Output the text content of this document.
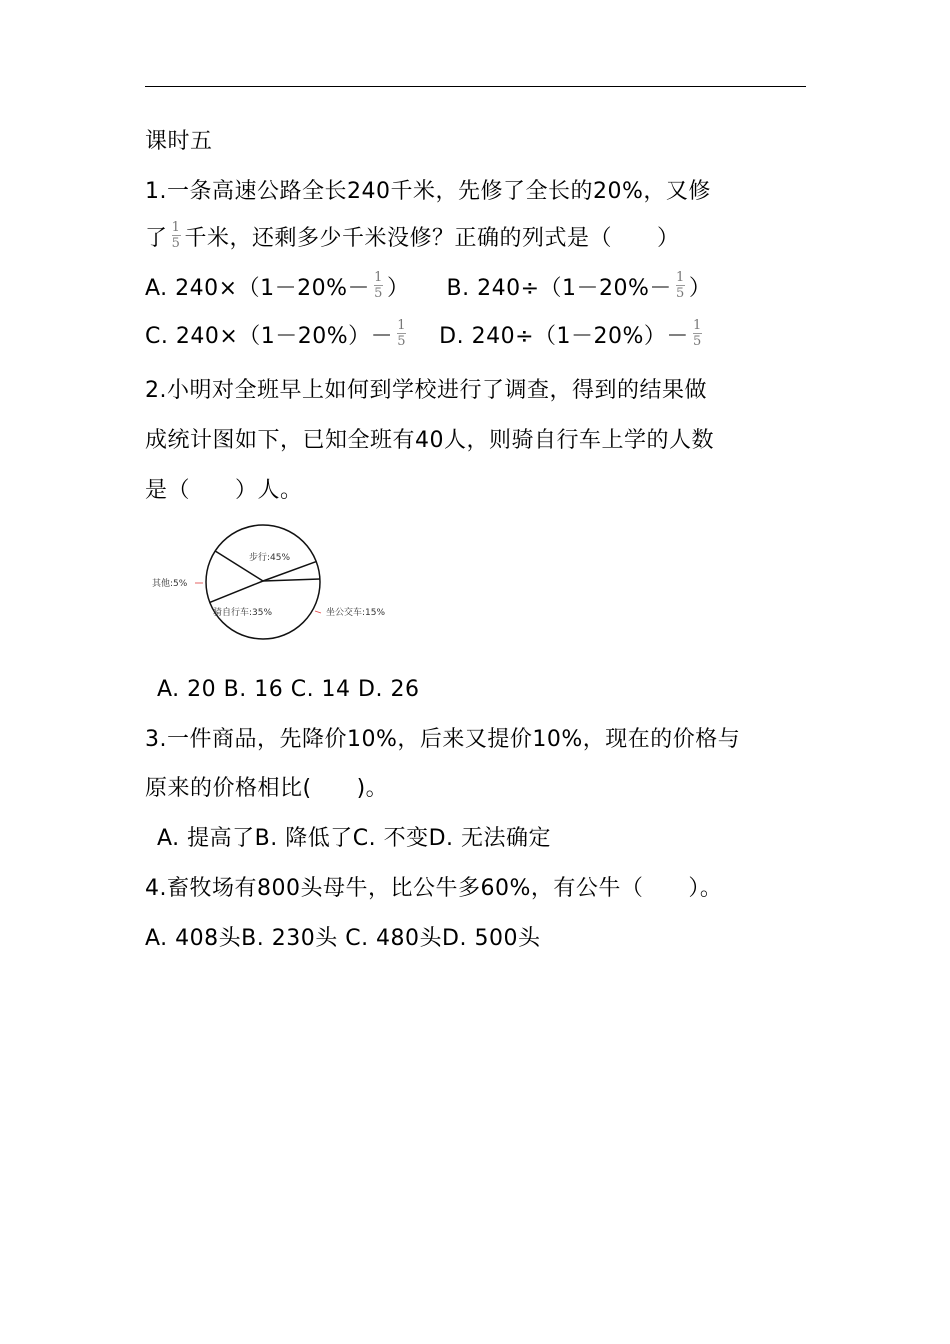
课时五
1.一条高速公路全长240千米，先修了全长的20%，又修
了 $\frac{1}{5}$ 千米，还剩多少千米没修？正确的列式是（　　）
A. $240\times(1-20\%- \frac{1}{5}$ ） B. $240\div(1-20\%- \frac{1}{5}$ ）
C. $240\times(1-20\%)- \frac{1}{5} D$. $240\div(1-20\%)- \frac{1}{5}$
2.小明对全班早上如何到学校进行了调查，得到的结果做
成统计图如下，已知全班有40人，则骑自行车上学的人数
是（　　）人。
步行:45%
坐公交车:15%
骑自行车:35%
其他:5%
A. 20 B. 16 C. 14 D. 26
3.一件商品，先降价10%，后来又提价10%，现在的价格与
原来的价格相比(　　)。
A. 提高了B. 降低了C. 不变D. 无法确定
4.畜牧场有800头母牛，比公牛多60%，有公牛（　　）。
A. 408头B. 230头 C. 480头D. 500头
